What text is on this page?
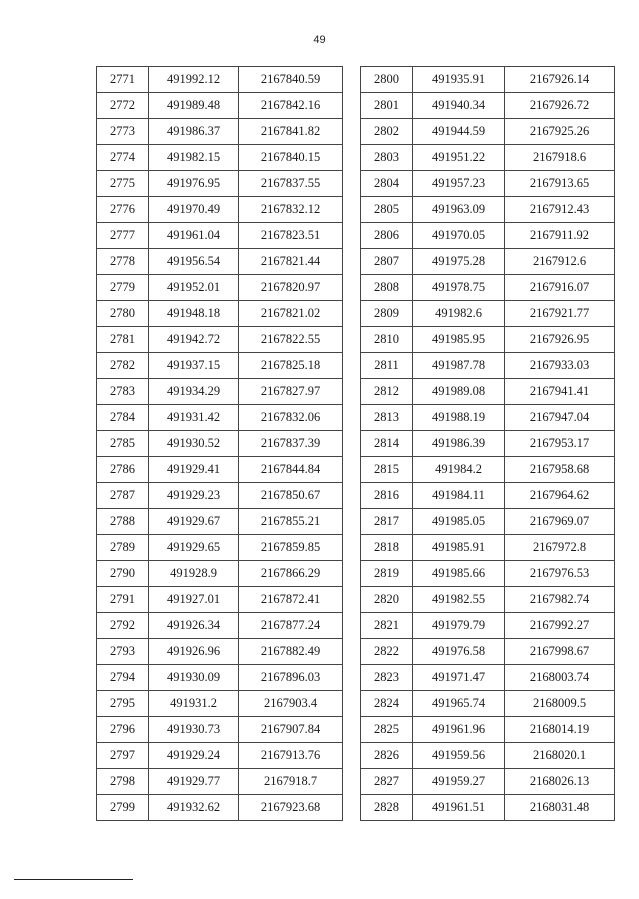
49
2771	491992.12	2167840.59
2772	491989.48	2167842.16
2773	491986.37	2167841.82
2774	491982.15	2167840.15
2775	491976.95	2167837.55
2776	491970.49	2167832.12
2777	491961.04	2167823.51
2778	491956.54	2167821.44
2779	491952.01	2167820.97
2780	491948.18	2167821.02
2781	491942.72	2167822.55
2782	491937.15	2167825.18
2783	491934.29	2167827.97
2784	491931.42	2167832.06
2785	491930.52	2167837.39
2786	491929.41	2167844.84
2787	491929.23	2167850.67
2788	491929.67	2167855.21
2789	491929.65	2167859.85
2790	491928.9	2167866.29
2791	491927.01	2167872.41
2792	491926.34	2167877.24
2793	491926.96	2167882.49
2794	491930.09	2167896.03
2795	491931.2	2167903.4
2796	491930.73	2167907.84
2797	491929.24	2167913.76
2798	491929.77	2167918.7
2799	491932.62	2167923.68
2800	491935.91	2167926.14
2801	491940.34	2167926.72
2802	491944.59	2167925.26
2803	491951.22	2167918.6
2804	491957.23	2167913.65
2805	491963.09	2167912.43
2806	491970.05	2167911.92
2807	491975.28	2167912.6
2808	491978.75	2167916.07
2809	491982.6	2167921.77
2810	491985.95	2167926.95
2811	491987.78	2167933.03
2812	491989.08	2167941.41
2813	491988.19	2167947.04
2814	491986.39	2167953.17
2815	491984.2	2167958.68
2816	491984.11	2167964.62
2817	491985.05	2167969.07
2818	491985.91	2167972.8
2819	491985.66	2167976.53
2820	491982.55	2167982.74
2821	491979.79	2167992.27
2822	491976.58	2167998.67
2823	491971.47	2168003.74
2824	491965.74	2168009.5
2825	491961.96	2168014.19
2826	491959.56	2168020.1
2827	491959.27	2168026.13
2828	491961.51	2168031.48
